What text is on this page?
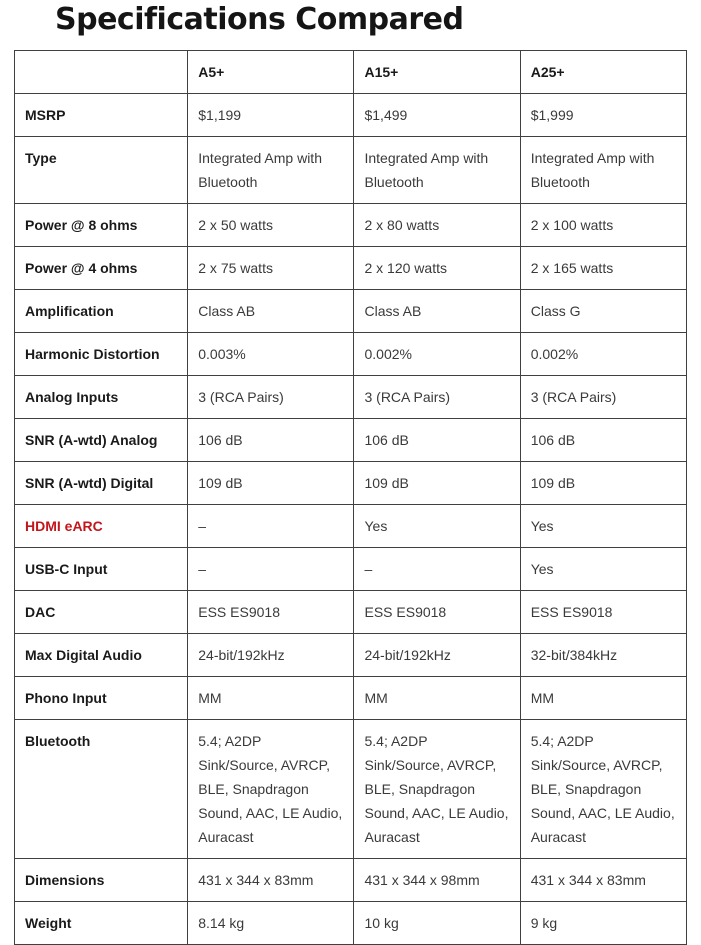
Specifications Compared
	A5+	A15+	A25+
MSRP	$1,199	$1,499	$1,999
Type	Integrated Amp with Bluetooth	Integrated Amp with Bluetooth	Integrated Amp with Bluetooth
Power @ 8 ohms	2 x 50 watts	2 x 80 watts	2 x 100 watts
Power @ 4 ohms	2 x 75 watts	2 x 120 watts	2 x 165 watts
Amplification	Class AB	Class AB	Class G
Harmonic Distortion	0.003%	0.002%	0.002%
Analog Inputs	3 (RCA Pairs)	3 (RCA Pairs)	3 (RCA Pairs)
SNR (A-wtd) Analog	106 dB	106 dB	106 dB
SNR (A-wtd) Digital	109 dB	109 dB	109 dB
HDMI eARC	–	Yes	Yes
USB-C Input	–	–	Yes
DAC	ESS ES9018	ESS ES9018	ESS ES9018
Max Digital Audio	24-bit/192kHz	24-bit/192kHz	32-bit/384kHz
Phono Input	MM	MM	MM
Bluetooth	5.4; A2DP Sink/Source, AVRCP, BLE, Snapdragon Sound, AAC, LE Audio, Auracast	5.4; A2DP Sink/Source, AVRCP, BLE, Snapdragon Sound, AAC, LE Audio, Auracast	5.4; A2DP Sink/Source, AVRCP, BLE, Snapdragon Sound, AAC, LE Audio, Auracast
Dimensions	431 x 344 x 83mm	431 x 344 x 98mm	431 x 344 x 83mm
Weight	8.14 kg	10 kg	9 kg
